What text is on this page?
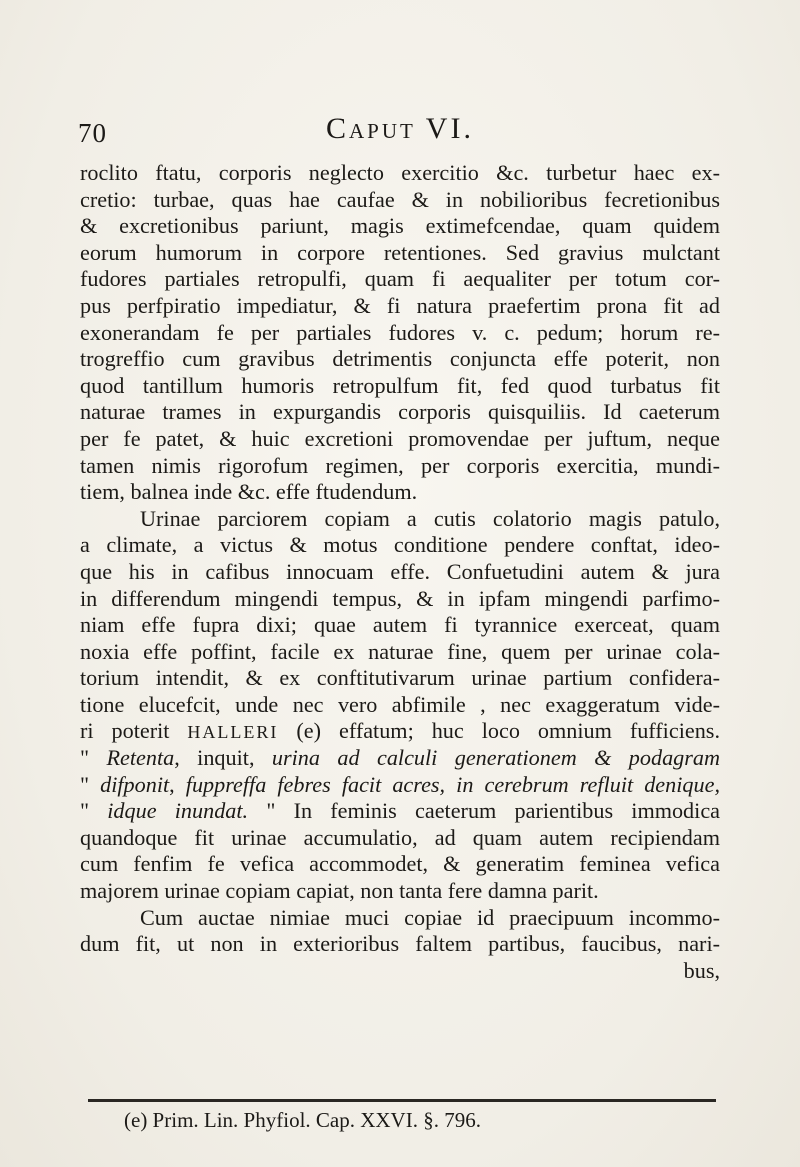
70	Caput VI.
roclito ftatu, corporis neglecto exercitio &c. turbetur haec ex-
cretio: turbae, quas hae caufae & in nobilioribus fecretionibus
& excretionibus pariunt, magis extimefcendae, quam quidem
eorum humorum in corpore retentiones. Sed gravius mulctant
fudores partiales retropulfi, quam fi aequaliter per totum cor-
pus perfpiratio impediatur, & fi natura praefertim prona fit ad
exonerandam fe per partiales fudores v. c. pedum; horum re-
trogreffio cum gravibus detrimentis conjuncta effe poterit, non
quod tantillum humoris retropulfum fit, fed quod turbatus fit
naturae trames in expurgandis corporis quisquiliis. Id caeterum
per fe patet, & huic excretioni promovendae per juftum, neque
tamen nimis rigorofum regimen, per corporis exercitia, mundi-
tiem, balnea inde &c. effe ftudendum.
Urinae parciorem copiam a cutis colatorio magis patulo,
a climate, a victus & motus conditione pendere conftat, ideo-
que his in cafibus innocuam effe. Confuetudini autem & jura
in differendum mingendi tempus, & in ipfam mingendi parfimo-
niam effe fupra dixi; quae autem fi tyrannice exerceat, quam
noxia effe poffint, facile ex naturae fine, quem per urinae cola-
torium intendit, & ex conftitutivarum urinae partium confidera-
tione elucefcit, unde nec vero abfimile , nec exaggeratum vide-
ri poterit HALLERI (e) effatum; huc loco omnium fufficiens.
" Retenta, inquit, urina ad calculi generationem & podagram
" difponit, fuppreffa febres facit acres, in cerebrum refluit denique,
" idque inundat. " In feminis caeterum parientibus immodica
quandoque fit urinae accumulatio, ad quam autem recipiendam
cum fenfim fe vefica accommodet, & generatim feminea vefica
majorem urinae copiam capiat, non tanta fere damna parit.
Cum auctae nimiae muci copiae id praecipuum incommo-
dum fit, ut non in exterioribus faltem partibus, faucibus, nari-
bus,
(e) Prim. Lin. Phyfiol. Cap. XXVI. §. 796.
